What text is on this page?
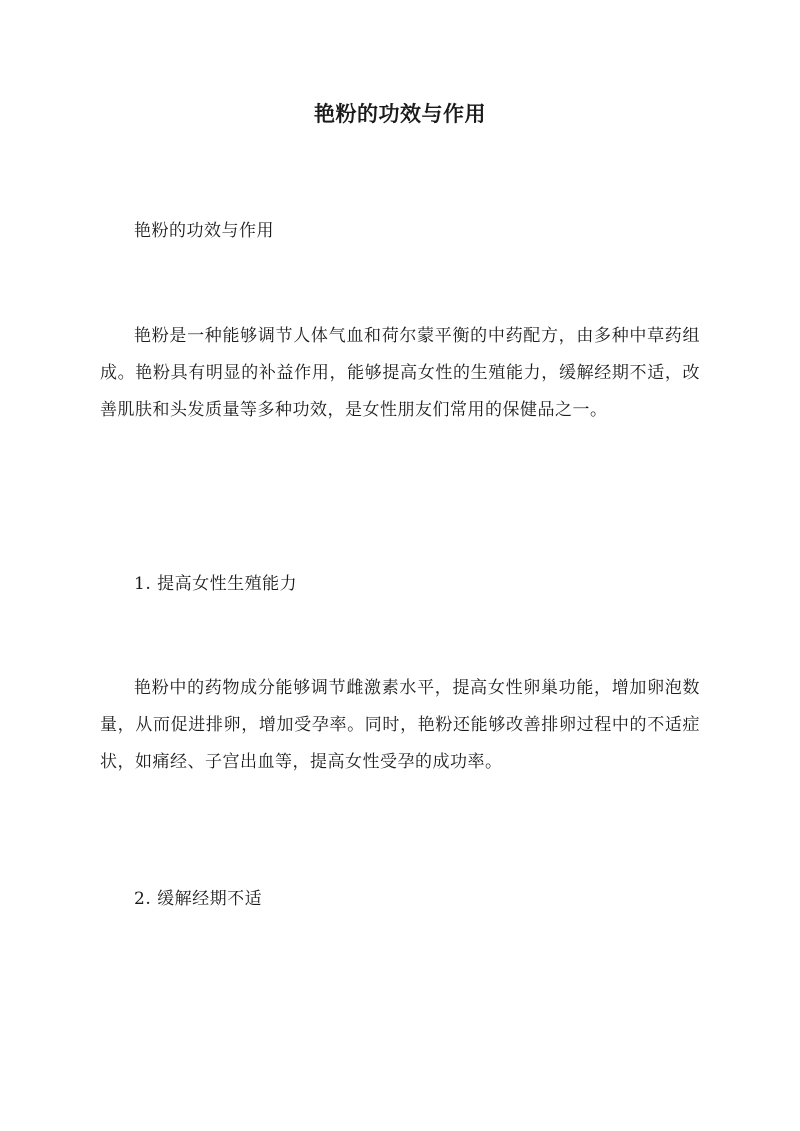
艳粉的功效与作用

艳粉的功效与作用

艳粉是一种能够调节人体气血和荷尔蒙平衡的中药配方，由多种中草药组成。艳粉具有明显的补益作用，能够提高女性的生殖能力，缓解经期不适，改善肌肤和头发质量等多种功效，是女性朋友们常用的保健品之一。

1. 提高女性生殖能力

艳粉中的药物成分能够调节雌激素水平，提高女性卵巢功能，增加卵泡数量，从而促进排卵，增加受孕率。同时，艳粉还能够改善排卵过程中的不适症状，如痛经、子宫出血等，提高女性受孕的成功率。

2. 缓解经期不适
